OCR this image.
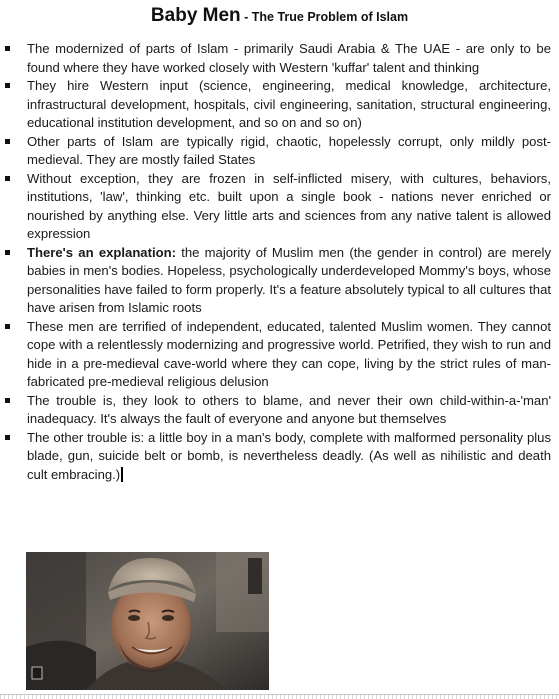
Baby Men - The True Problem of Islam
The modernized of parts of Islam - primarily Saudi Arabia & The UAE - are only to be found where they have worked closely with Western 'kuffar' talent and thinking
They hire Western input (science, engineering, medical knowledge, architecture, infrastructural development, hospitals, civil engineering, sanitation, structural engineering, educational institution development, and so on and so on)
Other parts of Islam are typically rigid, chaotic, hopelessly corrupt, only mildly post-medieval. They are mostly failed States
Without exception, they are frozen in self-inflicted misery, with cultures, behaviors, institutions, 'law', thinking etc. built upon a single book - nations never enriched or nourished by anything else. Very little arts and sciences from any native talent is allowed expression
There's an explanation: the majority of Muslim men (the gender in control) are merely babies in men's bodies. Hopeless, psychologically underdeveloped Mommy's boys, whose personalities have failed to form properly. It's a feature absolutely typical to all cultures that have arisen from Islamic roots
These men are terrified of independent, educated, talented Muslim women. They cannot cope with a relentlessly modernizing and progressive world. Petrified, they wish to run and hide in a pre-medieval cave-world where they can cope, living by the strict rules of man-fabricated pre-medieval religious delusion
The trouble is, they look to others to blame, and never their own child-within-a-'man' inadequacy. It's always the fault of everyone and anyone but themselves
The other trouble is: a little boy in a man's body, complete with malformed personality plus blade, gun, suicide belt or bomb, is nevertheless deadly. (As well as nihilistic and death cult embracing.)
